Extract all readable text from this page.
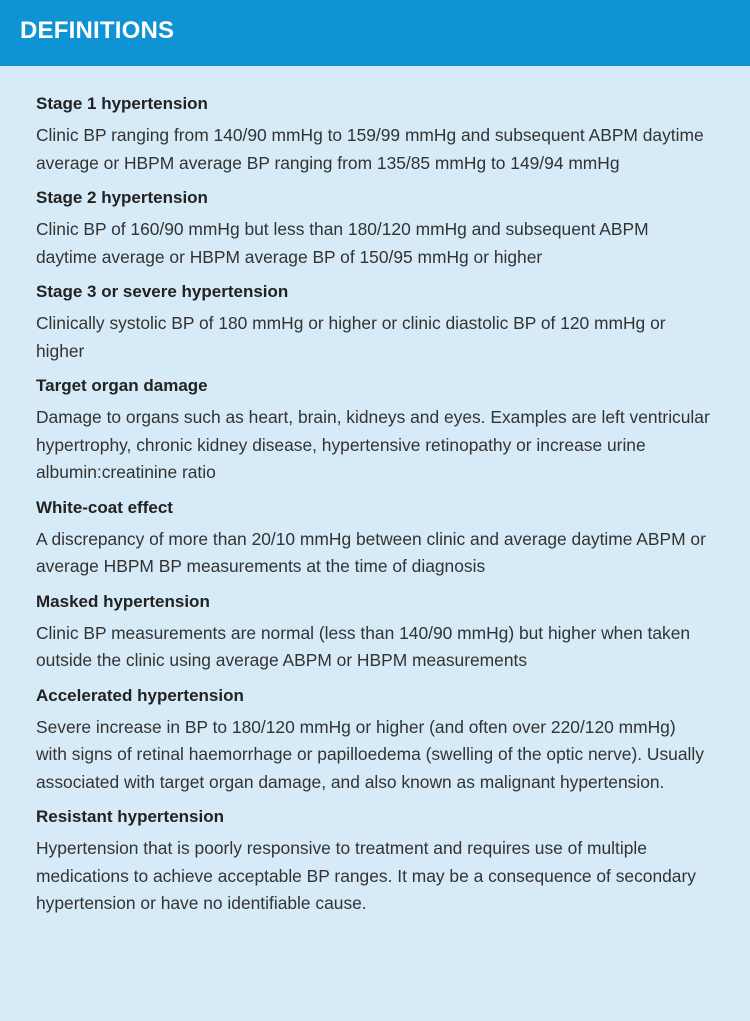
DEFINITIONS
Stage 1 hypertension

Clinic BP ranging from 140/90 mmHg to 159/99 mmHg and subsequent ABPM daytime average or HBPM average BP ranging from 135/85 mmHg to 149/94 mmHg

Stage 2 hypertension

Clinic BP of 160/90 mmHg but less than 180/120 mmHg and subsequent ABPM daytime average or HBPM average BP of 150/95 mmHg or higher

Stage 3 or severe hypertension

Clinically systolic BP of 180 mmHg or higher or clinic diastolic BP of 120 mmHg or higher

Target organ damage

Damage to organs such as heart, brain, kidneys and eyes. Examples are left ventricular hypertrophy, chronic kidney disease, hypertensive retinopathy or increase urine albumin:creatinine ratio

White-coat effect

A discrepancy of more than 20/10 mmHg between clinic and average daytime ABPM or average HBPM BP measurements at the time of diagnosis

Masked hypertension

Clinic BP measurements are normal (less than 140/90 mmHg) but higher when taken outside the clinic using average ABPM or HBPM measurements

Accelerated hypertension

Severe increase in BP to 180/120 mmHg or higher (and often over 220/120 mmHg) with signs of retinal haemorrhage or papilloedema (swelling of the optic nerve). Usually associated with target organ damage, and also known as malignant hypertension.

Resistant hypertension

Hypertension that is poorly responsive to treatment and requires use of multiple medications to achieve acceptable BP ranges. It may be a consequence of secondary hypertension or have no identifiable cause.
